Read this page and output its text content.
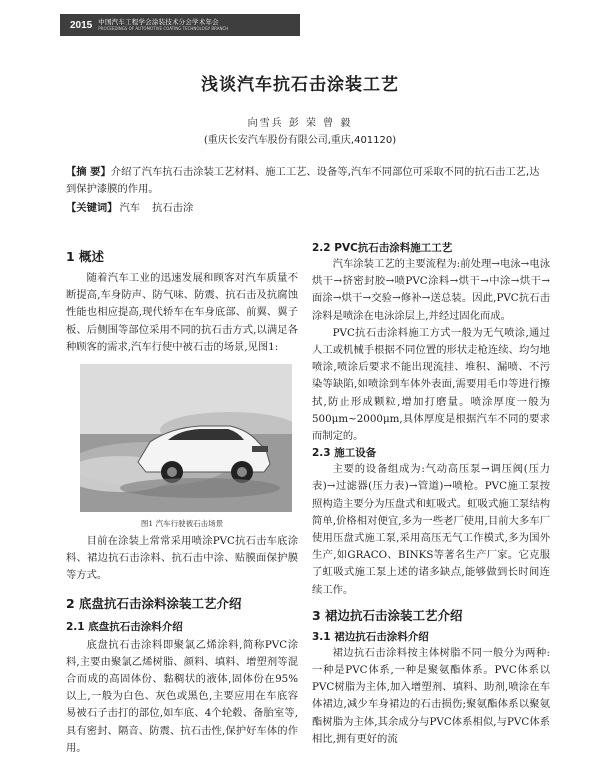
2015 中国汽车工程学会涂装技术分会学术年会
PROCEEDINGS OF AUTOMOTIVE COATING TECHNOLOGY BRANCH
浅谈汽车抗石击涂装工艺
向雪兵 彭 荣 曾 毅
(重庆长安汽车股份有限公司,重庆,401120)
【摘 要】介绍了汽车抗石击涂装工艺材料、施工工艺、设备等,汽车不同部位可采取不同的抗石击工艺,达到保护漆膜的作用。
【关键词】 汽车 抗石击涂
1 概述

随着汽车工业的迅速发展和顾客对汽车质量不断提高,车身防声、防气味、防震、抗石击及抗腐蚀性能也相应提高,现代轿车在车身底部、前翼、翼子板、后侧围等部位采用不同的抗石击方式,以满足各种顾客的需求,汽车行使中被石击的场景,见图1:

图1 汽车行驶被石击场景

目前在涂装上常常采用喷涂PVC抗石击车底涂料、裙边抗石击涂料、抗石击中涂、贴膜面保护膜等方式。

2 底盘抗石击涂料涂装工艺介绍
2.1 底盘抗石击涂料介绍

底盘抗石击涂料即聚氯乙烯涂料,简称PVC涂料,主要由聚氯乙烯树脂、颜料、填料、增塑剂等混合而成的高固体份、黏稠状的液体,固体份在95%以上,一般为白色、灰色或黑色,主要应用在车底容易被石子击打的部位,如车底、4个轮毂、备胎室等,具有密封、隔音、防震、抗石击性,保护好车体的作用。

2.2 PVC抗石击涂料施工工艺

汽车涂装工艺的主要流程为:前处理→电泳→电泳烘干→挤密封胶→喷PVC涂料→烘干→中涂→烘干→面涂→烘干→交验→修补→送总装。因此,PVC抗石击涂料是喷涂在电泳涂层上,并经过固化而成。

PVC抗石击涂料施工方式一般为无气喷涂,通过人工或机械手根据不同位置的形状走枪连续、均匀地喷涂,喷涂后要求不能出现流挂、堆积、漏喷、不污染等缺陷,如喷涂到车体外表面,需要用毛巾等进行擦拭,防止形成颗粒,增加打磨量。喷涂厚度一般为500μm~2000μm,具体厚度是根据汽车不同的要求而制定的。

2.3 施工设备

主要的设备组成为:气动高压泵→调压阀(压力表)→过滤器(压力表)→管道)→喷枪。PVC施工泵按照构造主要分为压盘式和虹吸式。虹吸式施工泵结构简单,价格相对便宜,多为一些老厂使用,目前大多车厂使用压盘式施工泵,采用高压无气工作模式,多为国外生产,如GRACO、BINKS等著名生产厂家。它克服了虹吸式施工泵上述的诸多缺点,能够做到长时间连续工作。

3 裙边抗石击涂装工艺介绍
3.1 裙边抗石击涂料介绍

裙边抗石击涂料按主体树脂不同一般分为两种:一种是PVC体系,一种是聚氨酯体系。PVC体系以PVC树脂为主体,加入增塑剂、填料、助剂,喷涂在车体裙边,减少车身裙边的石击损伤;聚氨酯体系以聚氨酯树脂为主体,其余成分与PVC体系相似,与PVC体系相比,拥有更好的流
